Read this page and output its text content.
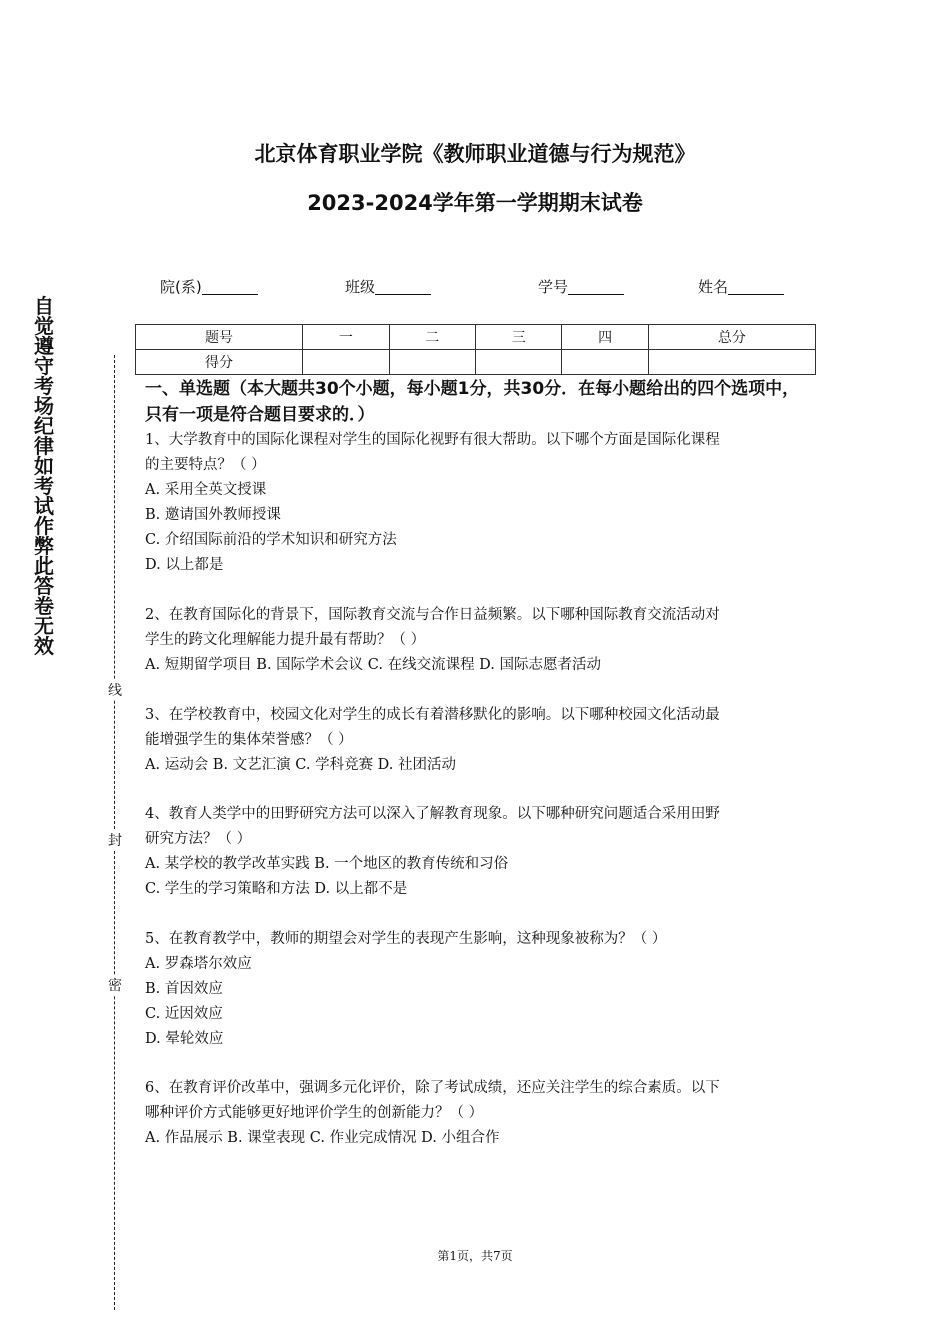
北京体育职业学院《教师职业道德与行为规范》
2023-2024学年第一学期期末试卷
院(系)	班级	学号	姓名
题号	一	二	三	四	总分
得分					
自觉遵守考场纪律如考试作弊此答卷无效
线
封
密
一、单选题（本大题共30个小题，每小题1分，共30分．在每小题给出的四个选项中，只有一项是符合题目要求的．）
1、大学教育中的国际化课程对学生的国际化视野有很大帮助。以下哪个方面是国际化课程
的主要特点？（ ）
A. 采用全英文授课
B. 邀请国外教师授课
C. 介绍国际前沿的学术知识和研究方法
D. 以上都是
2、在教育国际化的背景下，国际教育交流与合作日益频繁。以下哪种国际教育交流活动对
学生的跨文化理解能力提升最有帮助？（ ）
A. 短期留学项目 B. 国际学术会议 C. 在线交流课程 D. 国际志愿者活动
3、在学校教育中，校园文化对学生的成长有着潜移默化的影响。以下哪种校园文化活动最
能增强学生的集体荣誉感？（ ）
A. 运动会 B. 文艺汇演 C. 学科竞赛 D. 社团活动
4、教育人类学中的田野研究方法可以深入了解教育现象。以下哪种研究问题适合采用田野
研究方法？（ ）
A. 某学校的教学改革实践 B. 一个地区的教育传统和习俗
C. 学生的学习策略和方法 D. 以上都不是
5、在教育教学中，教师的期望会对学生的表现产生影响，这种现象被称为？（ ）
A. 罗森塔尔效应
B. 首因效应
C. 近因效应
D. 晕轮效应
6、在教育评价改革中，强调多元化评价，除了考试成绩，还应关注学生的综合素质。以下
哪种评价方式能够更好地评价学生的创新能力？（ ）
A. 作品展示 B. 课堂表现 C. 作业完成情况 D. 小组合作
第1页，共7页
